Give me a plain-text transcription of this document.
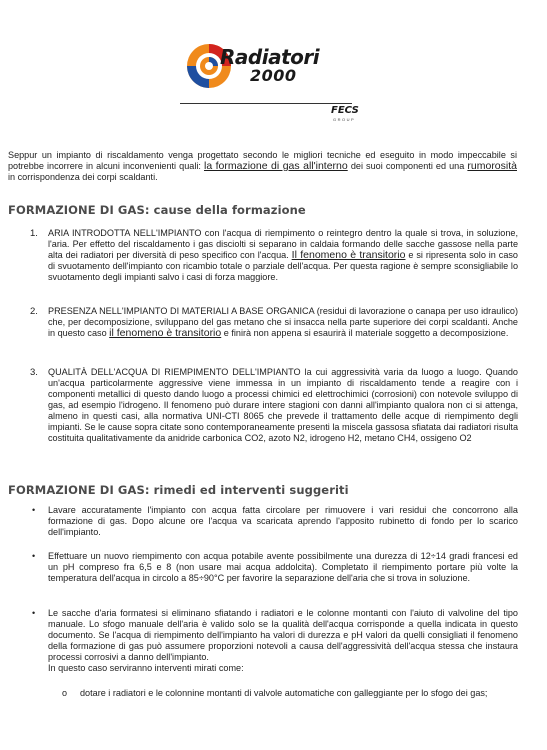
Radiatori
2000
FECS
GROUP
Seppur un impianto di riscaldamento venga progettato secondo le migliori tecniche ed eseguito in modo impeccabile si potrebbe incorrere in alcuni inconvenienti quali: la formazione di gas all'interno dei suoi componenti ed una rumorosità in corrispondenza dei corpi scaldanti.
FORMAZIONE DI GAS: cause della formazione
1. ARIA INTRODOTTA NELL'IMPIANTO con l'acqua di riempimento o reintegro dentro la quale si trova, in soluzione, l'aria. Per effetto del riscaldamento i gas disciolti si separano in caldaia formando delle sacche gassose nella parte alta dei radiatori per diversità di peso specifico con l'acqua. Il fenomeno è transitorio e si ripresenta solo in caso di svuotamento dell'impianto con ricambio totale o parziale dell'acqua. Per questa ragione è sempre sconsigliabile lo svuotamento degli impianti salvo i casi di forza maggiore.
2. PRESENZA NELL'IMPIANTO DI MATERIALI A BASE ORGANICA (residui di lavorazione o canapa per uso idraulico) che, per decomposizione, sviluppano del gas metano che si insacca nella parte superiore dei corpi scaldanti. Anche in questo caso il fenomeno è transitorio e finirà non appena si esaurirà il materiale soggetto a decomposizione.
3. QUALITÀ DELL'ACQUA DI RIEMPIMENTO DELL'IMPIANTO la cui aggressività varia da luogo a luogo. Quando un'acqua particolarmente aggressive viene immessa in un impianto di riscaldamento tende a reagire con i componenti metallici di questo dando luogo a processi chimici ed elettrochimici (corrosioni) con notevole sviluppo di gas, ad esempio l'idrogeno. Il fenomeno può durare intere stagioni con danni all'impianto qualora non ci si attenga, almeno in questi casi, alla normativa UNI-CTI 8065 che prevede il trattamento delle acque di riempimento degli impianti. Se le cause sopra citate sono contemporaneamente presenti la miscela gassosa sfiatata dai radiatori risulta costituita qualitativamente da anidride carbonica CO2, azoto N2, idrogeno H2, metano CH4, ossigeno O2
FORMAZIONE DI GAS: rimedi ed interventi suggeriti
• Lavare accuratamente l'impianto con acqua fatta circolare per rimuovere i vari residui che concorrono alla formazione di gas. Dopo alcune ore l'acqua va scaricata aprendo l'apposito rubinetto di fondo per lo scarico dell'impianto.
• Effettuare un nuovo riempimento con acqua potabile avente possibilmente una durezza di 12÷14 gradi francesi ed un pH compreso fra 6,5 e 8 (non usare mai acqua addolcita). Completato il riempimento portare più volte la temperatura dell'acqua in circolo a 85÷90°C per favorire la separazione dell'aria che si trova in soluzione.
• Le sacche d'aria formatesi si eliminano sfiatando i radiatori e le colonne montanti con l'aiuto di valvoline del tipo manuale. Lo sfogo manuale dell'aria è valido solo se la qualità dell'acqua corrisponde a quella indicata in questo documento. Se l'acqua di riempimento dell'impianto ha valori di durezza e pH valori da quelli consigliati il fenomeno della formazione di gas può assumere proporzioni notevoli a causa dell'aggressività dell'acqua stessa che instaura processi corrosivi a danno dell'impianto.
In questo caso serviranno interventi mirati come:
o dotare i radiatori e le colonnine montanti di valvole automatiche con galleggiante per lo sfogo dei gas;
